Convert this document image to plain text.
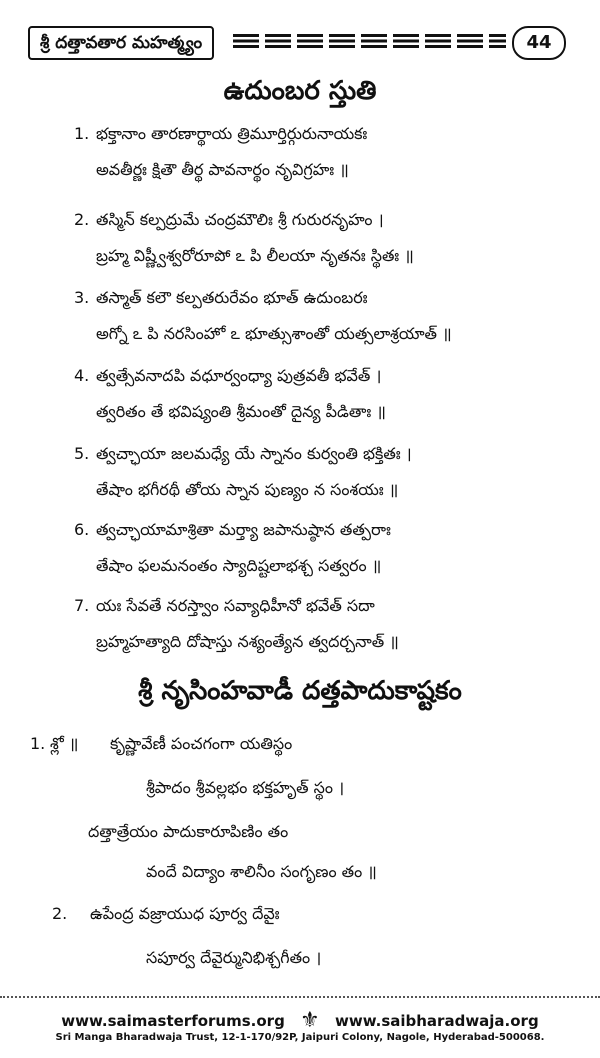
శ్రీ దత్తావతార మహత్మ్యం	44
ఉదుంబర స్తుతి
1. భక్తానాం తారణార్థాయ త్రిమూర్తిర్గురునాయకః
అవతీర్ణః క్షితౌ తీర్థ పావనార్థం నృవిగ్రహః ॥
2. తస్మిన్ కల్పద్రుమే చంద్రమౌలిః శ్రీ గురురనృహం ।
బ్రహ్మ విష్ణ్వీశ్వరోరూపో ఽ పి లీలయా నృతనః స్థితః ॥
3. తస్మాత్ కలౌ కల్పతరురేవం భూత్ ఉదుంబరః
అగ్నో ఽ పి నరసింహో ఽ భూత్సుశాంతో యత్సలాశ్రయాత్ ॥
4. త్వత్సేవనాదపి వధూర్వంధ్యా పుత్రవతీ భవేత్ ।
త్వరితం తే భవిష్యంతి శ్రీమంతో దైన్య పీడితాః ॥
5. త్వచ్ఛాయా జలమధ్యే యే స్నానం కుర్వంతి భక్తితః ।
తేషాం భగీరథీ తోయ స్నాన పుణ్యం న సంశయః ॥
6. త్వచ్ఛాయామాశ్రితా మర్త్యా జపానుష్ఠాన తత్పరాః
తేషాం ఫలమనంతం స్యాదిష్టలాభశ్చ సత్వరం ॥
7. యః సేవతే నరస్త్వాం సవ్యాధిహీనో భవేత్ సదా
బ్రహ్మహత్యాది దోషాస్తు నశ్యంత్యేన త్వదర్చనాత్ ॥
శ్రీ నృసింహవాడీ దత్తపాదుకాష్టకం
1. శ్లో ॥ కృష్ణావేణీ పంచగంగా యతిస్థం
శ్రీపాదం శ్రీవల్లభం భక్తహృత్ స్థం ।
దత్తాత్రేయం పాదుకారూపిణిం తం
వందే విద్యాం శాలినీం సంగృణం తం ॥
2. ఉపేంద్ర వజ్రాయుధ పూర్వ దేవైః
సపూర్వ దేవైర్మునిభిశ్చగీతం ।
www.saimasterforums.org ⚜ www.saibharadwaja.org
Sri Manga Bharadwaja Trust, 12-1-170/92P, Jaipuri Colony, Nagole, Hyderabad-500068.
